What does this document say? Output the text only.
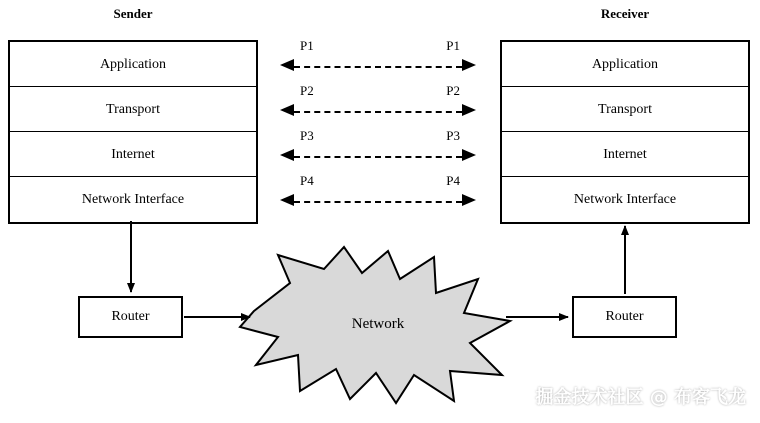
Sender	Receiver
Application
Transport
Internet
Network Interface
Application
Transport
Internet
Network Interface
P1	P1
P2	P2
P3	P3
P4	P4
Network
Router	Router
掘金技术社区 @ 布客飞龙
